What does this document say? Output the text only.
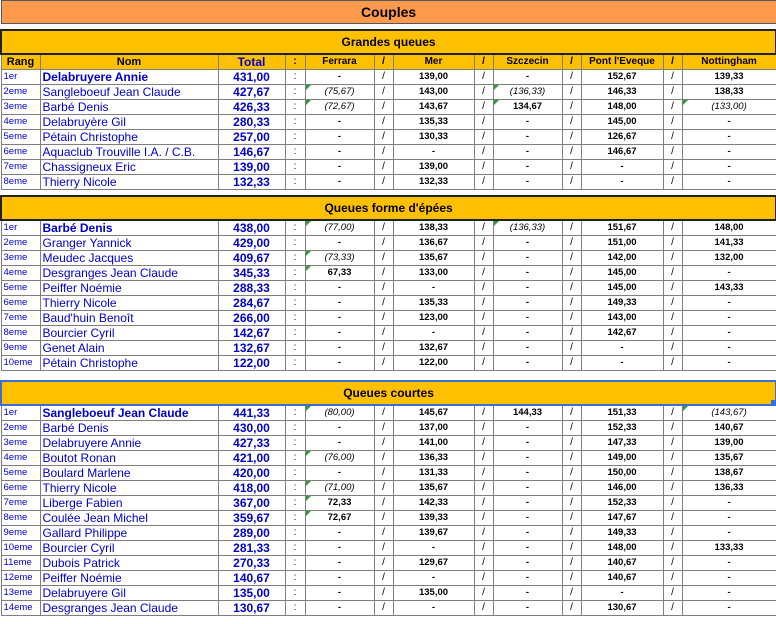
Couples												

Grandes queues												
Rang	Nom	Total	:	Ferrara	/	Mer	/	Szczecin	/	Pont l'Eveque	/	Nottingham
1er	Delabruyere Annie	431,00	:	-	/	139,00	/	-	/	152,67	/	139,33
2eme	Sangleboeuf Jean Claude	427,67	:	(75,67)	/	143,00	/	(136,33)	/	146,33	/	138,33
3eme	Barbé Denis	426,33	:	(72,67)	/	143,67	/	134,67	/	148,00	/	(133,00)
4eme	Delabruyère Gil	280,33	:	-	/	135,33	/	-	/	145,00	/	-
5eme	Pétain Christophe	257,00	:	-	/	130,33	/	-	/	126,67	/	-
6eme	Aquaclub Trouville I.A. / C.B.	146,67	:	-	/	-	/	-	/	146,67	/	-
7eme	Chassigneux Eric	139,00	:	-	/	139,00	/	-	/	-	/	-
8eme	Thierry Nicole	132,33	:	-	/	132,33	/	-	/	-	/	-

Queues forme d'épées												
1er	Barbé Denis	438,00	:	(77,00)	/	138,33	/	(136,33)	/	151,67	/	148,00
2eme	Granger Yannick	429,00	:	-	/	136,67	/	-	/	151,00	/	141,33
3eme	Meudec Jacques	409,67	:	(73,33)	/	135,67	/	-	/	142,00	/	132,00
4eme	Desgranges Jean Claude	345,33	:	67,33	/	133,00	/	-	/	145,00	/	-
5eme	Peiffer Noémie	288,33	:	-	/	-	/	-	/	145,00	/	143,33
6eme	Thierry Nicole	284,67	:	-	/	135,33	/	-	/	149,33	/	-
7eme	Baud'huin Benoît	266,00	:	-	/	123,00	/	-	/	143,00	/	-
8eme	Bourcier Cyril	142,67	:	-	/	-	/	-	/	142,67	/	-
9eme	Genet Alain	132,67	:	-	/	132,67	/	-	/	-	/	-
10eme	Pétain Christophe	122,00	:	-	/	122,00	/	-	/	-	/	-

Queues courtes												

1er	Sangleboeuf Jean Claude	441,33	:	(80,00)	/	145,67	/	144,33	/	151,33	/	(143,67)
2eme	Barbé Denis	430,00	:	-	/	137,00	/	-	/	152,33	/	140,67
3eme	Delabruyere Annie	427,33	:	-	/	141,00	/	-	/	147,33	/	139,00
4eme	Boutot Ronan	421,00	:	(76,00)	/	136,33	/	-	/	149,00	/	135,67
5eme	Boulard Marlene	420,00	:	-	/	131,33	/	-	/	150,00	/	138,67
6eme	Thierry Nicole	418,00	:	(71,00)	/	135,67	/	-	/	146,00	/	136,33
7eme	Liberge Fabien	367,00	:	72,33	/	142,33	/	-	/	152,33	/	-
8eme	Coulée Jean Michel	359,67	:	72,67	/	139,33	/	-	/	147,67	/	-
9eme	Gallard Philippe	289,00	:	-	/	139,67	/	-	/	149,33	/	-
10eme	Bourcier Cyril	281,33	:	-	/	-	/	-	/	148,00	/	133,33
11eme	Dubois Patrick	270,33	:	-	/	129,67	/	-	/	140,67	/	-
12eme	Peiffer Noémie	140,67	:	-	/	-	/	-	/	140,67	/	-
13eme	Delabruyere Gil	135,00	:	-	/	135,00	/	-	/	-	/	-
14eme	Desgranges Jean Claude	130,67	:	-	/	-	/	-	/	130,67	/	-
